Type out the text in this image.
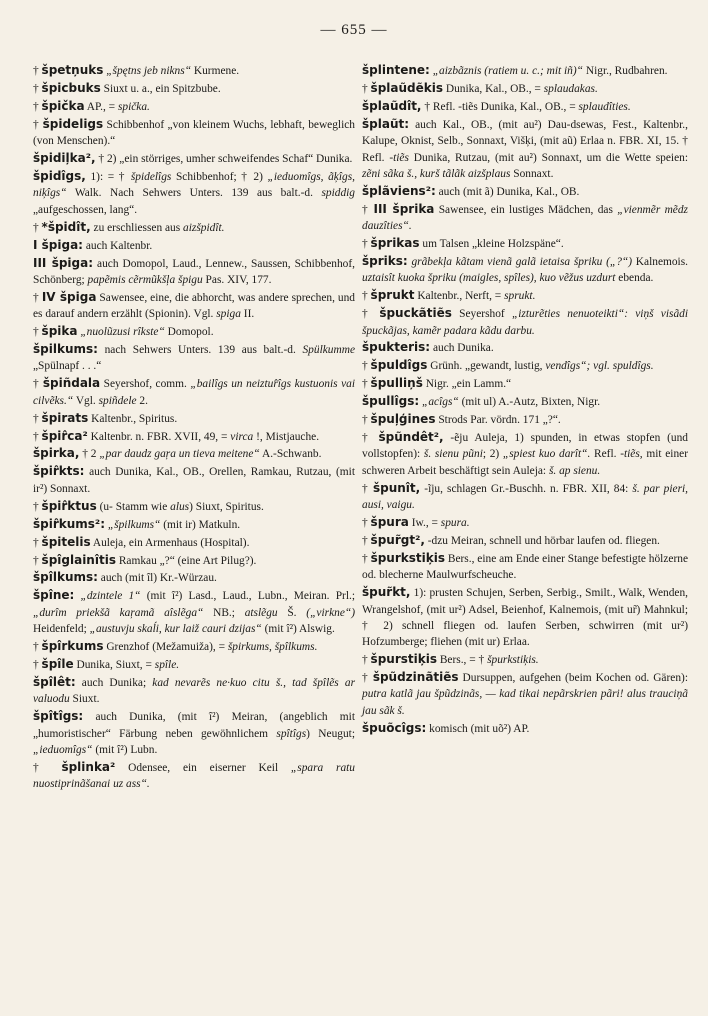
— 655 —

† špetņuks „špętns jeb nikns“ Kurmene.

† špicbuks Siuxt u. a., ein Spitzbube.

† špička AP., = spička.

† špideligs Schibbenhof „von kleinem Wuchs, lebhaft, beweglich (von Menschen).“

špidiļka², † 2) „ein störriges, umher schweifendes Schaf“ Dunika.

špidîgs, 1): = † špidelîgs Schibbenhof; † 2) „ieduomîgs, ãķîgs, niķîgs“ Walk. Nach Sehwers Unters. 139 aus balt.-d. spiddig „aufgeschossen, lang“.

† *špidît, zu erschliessen aus aizšpidît.

I špiga: auch Kaltenbr.

III špiga: auch Domopol, Laud., Lennew., Saussen, Schibbenhof, Schönberg; papẽmis cẽrmũkšļa špigu Pas. XIV, 177.

† IV špiga Sawensee, eine, die abhorcht, was andere sprechen, und es darauf andern erzählt (Spionin). Vgl. spiga II.

† špika „nuolũzusi rîkste“ Domopol.

špilkums: nach Sehwers Unters. 139 aus balt.-d. Spülkumme „Spülnapf . . .“

† špiñdala Seyershof, comm. „bailîgs un neiztur̂îgs kustuonis vai cilvẽks.“ Vgl. spiñdele 2.

† špirats Kaltenbr., Spiritus.

† špir̂ca² Kaltenbr. n. FBR. XVII, 49, = virca !, Mistjauche.

špirka, † 2 „par daudz gaŗa un tieva meitene“ A.-Schwanb.

špir̂kts: auch Dunika, Kal., OB., Orellen, Ramkau, Rutzau, (mit ir²) Sonnaxt.

† špir̂ktus (u- Stamm wie alus) Siuxt, Spiritus.

špir̂kums²: „špilkums“ (mit ir) Matkuln.

† špitelis Auleja, ein Armenhaus (Hospital).

† špîglainîtis Ramkau „?“ (eine Art Pilug?).

špîlkums: auch (mit îl) Kr.-Würzau.

špîne: „dzintele 1“ (mit î²) Lasd., Laud., Lubn., Meiran. Prl.; „durîm priekšã kaŗamã aîslẽga“ NB.; atslẽgu Š. („virkne“) Heidenfeld; „austuvju skaĺi, kur laiž cauri dzijas“ (mit î²) Alswig.

† špîrkums Grenzhof (Mežamuiža), = špirkums, špîlkums.

† špîle Dunika, Siuxt, = spîle.

špîlêt: auch Dunika; kad nevarẽs ne·kuo citu š., tad špîlẽs ar valuodu Siuxt.

špîtîgs: auch Dunika, (mit î²) Meiran, (angeblich mit „humoristischer“ Färbung neben gewöhnlichem spîtîgs) Neugut; „ieduomîgs“ (mit î²) Lubn.

† šplinka² Odensee, ein eiserner Keil „spara ratu nuostiprinãšanai uz ass“.

šplintene: „aizbãznis (ratiem u. c.; mit iñ)“ Nigr., Rudbahren.

† šplaũdẽkis Dunika, Kal., OB., = splaudakas.

šplaũdît, † Refl. -tiẽs Dunika, Kal., OB., = splaudîties.

šplaũt: auch Kal., OB., (mit au²) Dau-dsewas, Fest., Kaltenbr., Kalupe, Oknist, Selb., Sonnaxt, Višķi, (mit aũ) Erlaa n. FBR. XI, 15. † Refl. -tiẽs Dunika, Rutzau, (mit au²) Sonnaxt, um die Wette speien: zẽni sãka š., kurš tãlãk aizšplaus Sonnaxt.

šplãviens²: auch (mit ã) Dunika, Kal., OB.

† III šprika Sawensee, ein lustiges Mädchen, das „vienmẽr mẽdz dauzîties“.

† šprikas um Talsen „kleine Holzspäne“.

špriks: grãbekļa kãtam vienã galã ietaisa špriku („?“) Kalnemois. uztaisît kuoka špriku (maigles, spîles), kuo vẽžus uzdurt ebenda.

† šprukt Kaltenbr., Nerft, = sprukt.

† špuckãtiẽs Seyershof „izturẽties nenuoteikti“: viņš visãdi špuckãjas, kamẽr padara kãdu darbu.

špukteris: auch Dunika.

† špuldîgs Grünh. „gewandt, lustig, vendîgs“; vgl. spuldîgs.

† špulliņš Nigr. „ein Lamm.“

špullîgs: „acîgs“ (mit ul) A.-Autz, Bixten, Nigr.

† špuļģines Strods Par. vördn. 171 „?“.

† špũndêt², -ẽju Auleja, 1) spunden, in etwas stopfen (und vollstopfen): š. sienu pũni; 2) „spiest kuo darît“. Refl. -tiẽs, mit einer schweren Arbeit beschäftigt sein Auleja: š. ap sienu.

† špunît, -ĩju, schlagen Gr.-Buschh. n. FBR. XII, 84: š. par pieri, ausi, vaigu.

† špura Iw., = spura.

† špur̃gt², -dzu Meiran, schnell und hörbar laufen od. fliegen.

† špurkstiķis Bers., eine am Ende einer Stange befestigte hölzerne od. blecherne Maulwurfscheuche.

špur̃kt, 1): prusten Schujen, Serben, Serbig., Smilt., Walk, Wenden, Wrangelshof, (mit ur²) Adsel, Beienhof, Kalnemois, (mit ur̃) Mahnkul; † 2) schnell fliegen od. laufen Serben, schwirren (mit ur²) Hofzumberge; fliehen (mit ur) Erlaa.

† špurstiķis Bers., = † špurkstiķis.

† špũdzinãtiẽs Dursuppen, aufgehen (beim Kochen od. Gären): putra katlã jau špũdzinãs, — kad tikai nepãrskrien pãri! alus trauciņã jau sãk š.

špuõcîgs: komisch (mit uõ²) AP.
